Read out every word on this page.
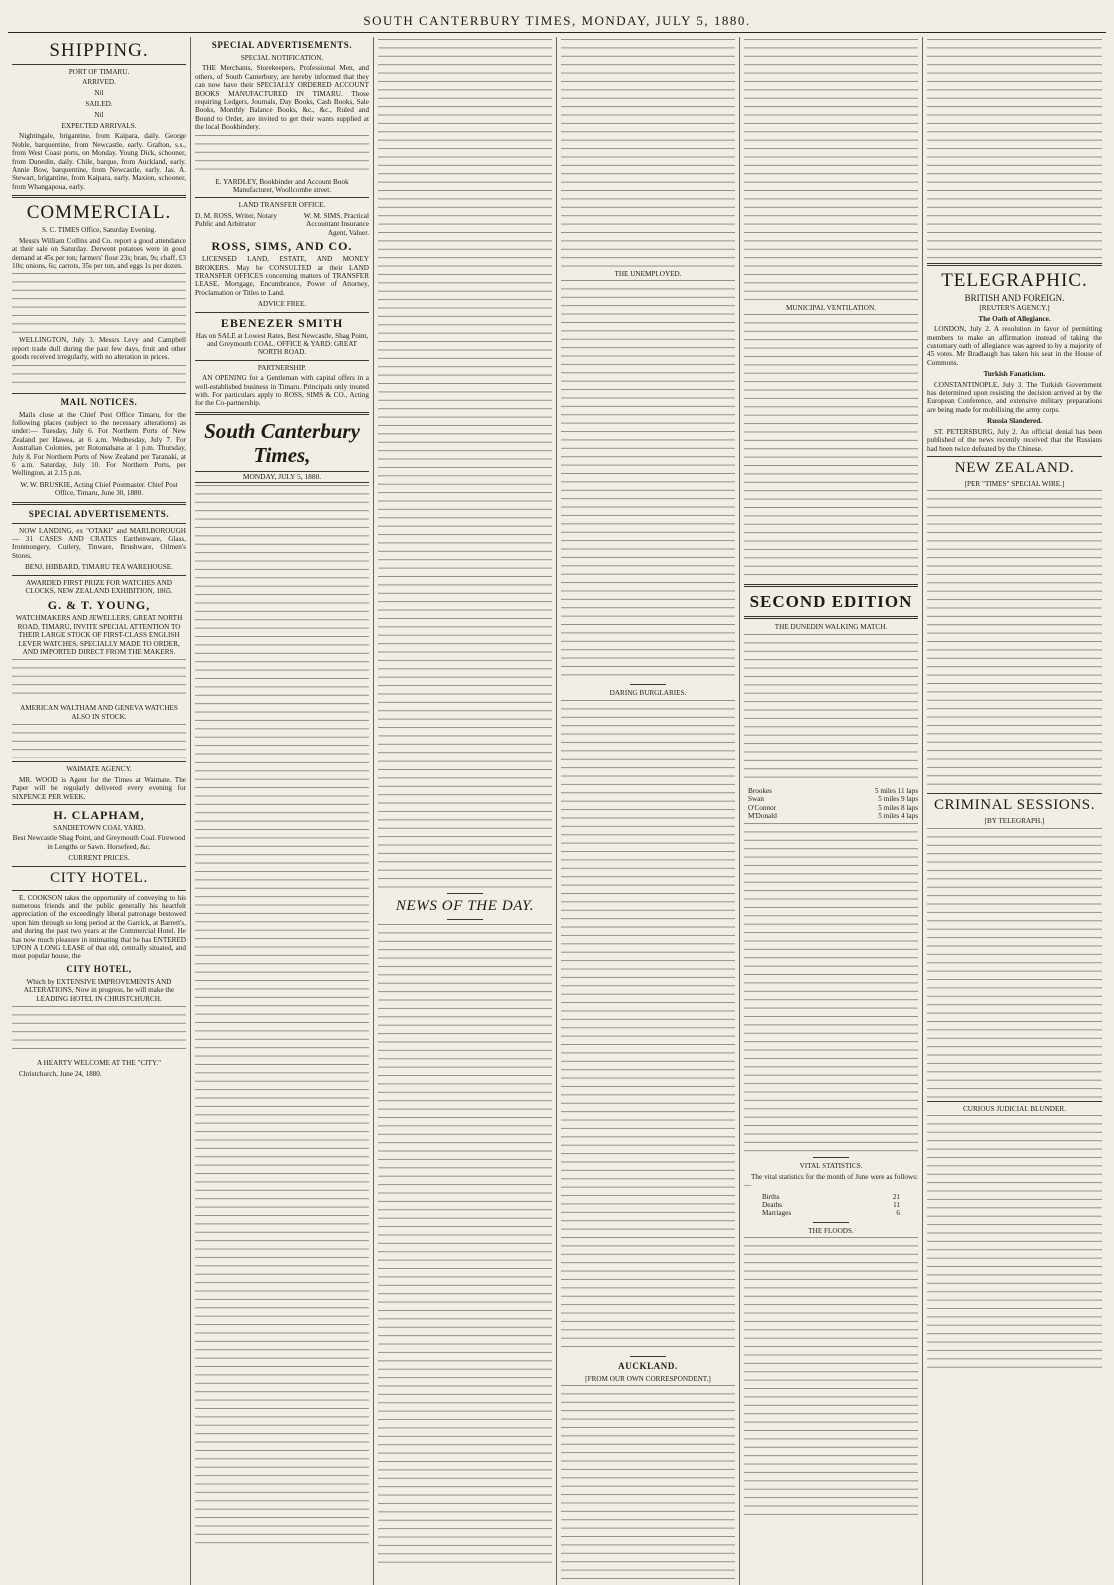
SOUTH CANTERBURY TIMES, MONDAY, JULY 5, 1880.
SHIPPING.
PORT OF TIMARU.
ARRIVED.

Nil

SAILED.

Nil

EXPECTED ARRIVALS.

Nightingale, brigantine, from Kaipara, daily. George Noble, barquentine, from Newcastle, early. Grafton, s.s., from West Coast ports, on Monday. Young Dick, schooner, from Dunedin, daily. Chile, barque, from Auckland, early. Annie Bow, barquentine, from Newcastle, early. Jas. A. Stewart, brigantine, from Kaipara, early. Maxion, schooner, from Whangapoua, early.

COMMERCIAL.
S. C. TIMES Office, Saturday Evening.

Messrs William Collins and Co. report a good attendance at their sale on Saturday. Derwent potatoes were in good demand at 45s per ton; farmers' flour 23s; bran, 9s; chaff, £3 10s; onions, 6s; carrots, 35s per ton, and eggs 1s per dozen.

WELLINGTON, July 3. Messrs Levy and Campbell report trade dull during the past few days, fruit and other goods received irregularly, with no alteration in prices.

MAIL NOTICES.

Mails close at the Chief Post Office Timaru, for the following places (subject to the necessary alterations) as under:— Tuesday, July 6. For Northern Ports of New Zealand per Hawea, at 6 a.m. Wednesday, July 7. For Australian Colonies, per Rotomahana at 1 p.m. Thursday, July 8. For Northern Ports of New Zealand per Taranaki, at 6 a.m. Saturday, July 10. For Northern Ports, per Wellington, at 2.15 p.m.

W. W. BRUSKIE, Acting Chief Postmaster. Chief Post Office, Timaru, June 30, 1880.

SPECIAL ADVERTISEMENTS.

NOW LANDING, ex "OTAKI" and MARLBOROUGH— 31 CASES AND CRATES Earthenware, Glass, Ironmongery, Cutlery, Tinware, Brushware, Oilmen's Stores.

BENJ. HIBBARD, TIMARU TEA WAREHOUSE.

AWARDED FIRST PRIZE FOR WATCHES AND CLOCKS, NEW ZEALAND EXHIBITION, 1865.

G. & T. YOUNG,

WATCHMAKERS AND JEWELLERS, GREAT NORTH ROAD, TIMARU, INVITE SPECIAL ATTENTION TO THEIR LARGE STOCK OF FIRST-CLASS ENGLISH LEVER WATCHES, SPECIALLY MADE TO ORDER, AND IMPORTED DIRECT FROM THE MAKERS.

AMERICAN WALTHAM AND GENEVA WATCHES ALSO IN STOCK.

WAIMATE AGENCY.

MR. WOOD is Agent for the Times at Waimate. The Paper will be regularly delivered every evening for SIXPENCE PER WEEK.

H. CLAPHAM,
SANDIETOWN COAL YARD.

Best Newcastle Shag Point, and Greymouth Coal. Firewood in Lengths or Sawn. Horsefeed, &c.

CURRENT PRICES.
CITY HOTEL.

E. COOKSON takes the opportunity of conveying to his numerous friends and the public generally his heartfelt appreciation of the exceedingly liberal patronage bestowed upon him through so long period at the Garrick, at Barrett's, and during the past two years at the Commercial Hotel. He has now much pleasure in intimating that he has ENTERED UPON A LONG LEASE of that old, centrally situated, and most popular house, the

CITY HOTEL,

Which by EXTENSIVE IMPROVEMENTS AND ALTERATIONS, Now in progress, he will make the LEADING HOTEL IN CHRISTCHURCH.

A HEARTY WELCOME AT THE "CITY."

Christchurch, June 24, 1880.

SPECIAL ADVERTISEMENTS.
SPECIAL NOTIFICATION.

THE Merchants, Storekeepers, Professional Men, and others, of South Canterbury, are hereby informed that they can now have their SPECIALLY ORDERED ACCOUNT BOOKS MANUFACTURED IN TIMARU. Those requiring Ledgers, Journals, Day Books, Cash Books, Sale Books, Monthly Balance Books, &c., &c., Ruled and Bound to Order, are invited to get their wants supplied at the local Bookbindery.

E. YARDLEY, Bookbinder and Account Book Manufacturer, Woollcombe street.

LAND TRANSFER OFFICE.
D. M. ROSS, Writer, Notary Public and Arbitrator
W. M. SIMS, Practical Accountant Insurance Agent, Valuer.
ROSS, SIMS, AND CO.

LICENSED LAND, ESTATE, AND MONEY BROKERS. May be CONSULTED at their LAND TRANSFER OFFICES concerning matters of TRANSFER LEASE, Mortgage, Encumbrance, Power of Attorney, Proclamation or Titles to Land.

ADVICE FREE.
EBENEZER SMITH

Has on SALE at Lowest Rates, Best Newcastle, Shag Point, and Greymouth COAL. OFFICE & YARD: GREAT NORTH ROAD.

PARTNERSHIP.

AN OPENING for a Gentleman with capital offers in a well-established business in Timaru. Principals only treated with. For particulars apply to ROSS, SIMS & CO., Acting for the Co-partnership.

South Canterbury Times,
MONDAY, JULY 5, 1880.
NEWS OF THE DAY.
THE UNEMPLOYED.
DARING BURGLARIES.
AUCKLAND.
[FROM OUR OWN CORRESPONDENT.]
MUNICIPAL VENTILATION.
SECOND EDITION
THE DUNEDIN WALKING MATCH.
Brookes	5 miles 11 laps
Swan	5 miles 9 laps
O'Connor	5 miles 8 laps
M'Donald	5 miles 4 laps
VITAL STATISTICS.

The vital statistics for the month of June were as follows:—

Births	21
Deaths	11
Marriages	6
THE FLOODS.
TELEGRAPHIC.
BRITISH AND FOREIGN.
[REUTER'S AGENCY.]
The Oath of Allegiance.

LONDON, July 2. A resolution in favor of permitting members to make an affirmation instead of taking the customary oath of allegiance was agreed to by a majority of 45 votes. Mr Bradlaugh has taken his seat in the House of Commons.

Turkish Fanaticism.

CONSTANTINOPLE, July 3. The Turkish Government has determined upon resisting the decision arrived at by the European Conference, and extensive military preparations are being made for mobilising the army corps.

Russia Slandered.

ST. PETERSBURG, July 2. An official denial has been published of the news recently received that the Russians had been twice defeated by the Chinese.

NEW ZEALAND.
[PER "TIMES" SPECIAL WIRE.]
CRIMINAL SESSIONS.
[BY TELEGRAPH.]
CURIOUS JUDICIAL BLUNDER.
